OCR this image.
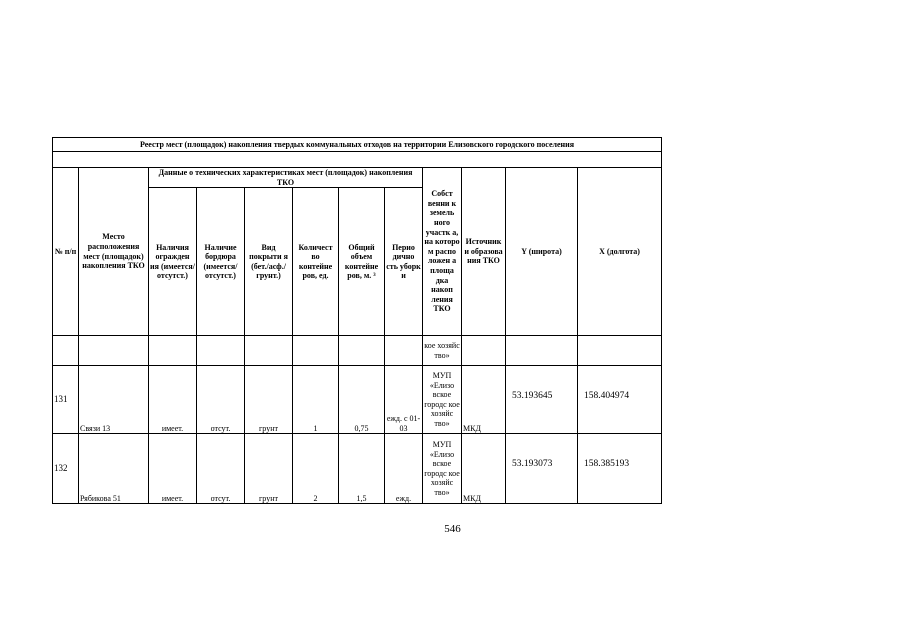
Реестр мест (площадок) накопления твердых коммунальных отходов на территории Елизовского городского поселения											

№ п/п	Место расположения мест (площадок) накопления ТКО	Данные о технических характеристиках мест (площадок) накопления ТКО						Собст венни к земель ного участк а, на которо м распо ложен а площа дка накоп ления ТКО	Источник и образова ния ТКО	Y (широта)	X (долгота)
		Наличия огражден ия (имеется/ отсутст.)	Наличие бордюра (имеется/ отсутст.)	Вид покрыти я (бет./асф./ грунт.)	Количест во контейне ров, ед.	Общий объем контейне ров, м. ³	Перио дично сть уборк и				
								кое хозяйс тво»			
131	Связи 13	имеет.	отсут.	грунт	1	0,75	ежд. с 01-03	МУП «Елизо вское городс кое хозяйс тво»	МКД	53.193645	158.404974
132	Рябикова 51	имеет.	отсут.	грунт	2	1,5	ежд.	МУП «Елизо вское городс кое хозяйс тво»	МКД	53.193073	158.385193
546
